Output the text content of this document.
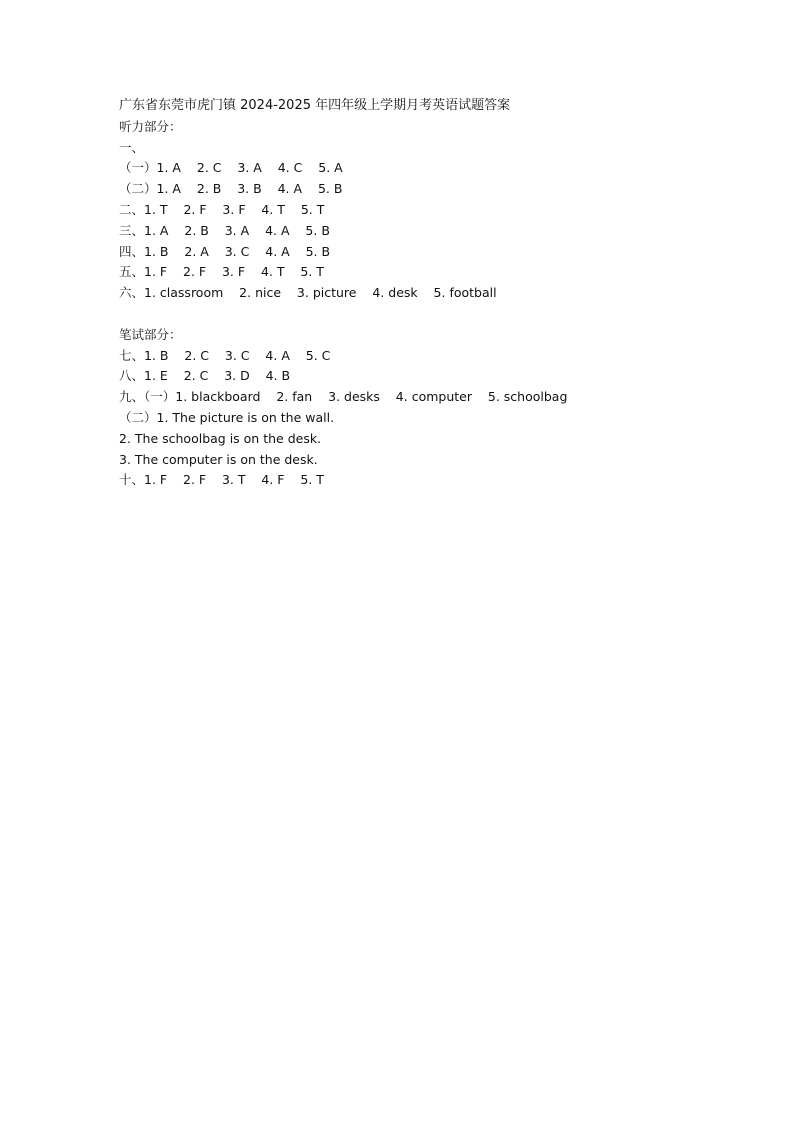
广东省东莞市虎门镇 2024-2025 年四年级上学期月考英语试题答案
听力部分：
一、
（一）1. A    2. C    3. A    4. C    5. A
（二）1. A    2. B    3. B    4. A    5. B
二、1. T    2. F    3. F    4. T    5. T
三、1. A    2. B    3. A    4. A    5. B
四、1. B    2. A    3. C    4. A    5. B
五、1. F    2. F    3. F    4. T    5. T
六、1. classroom    2. nice    3. picture    4. desk    5. football
笔试部分：
七、1. B    2. C    3. C    4. A    5. C
八、1. E    2. C    3. D    4. B
九、（一）1. blackboard    2. fan    3. desks    4. computer    5. schoolbag
（二）1. The picture is on the wall.
2. The schoolbag is on the desk.
3. The computer is on the desk.
十、1. F    2. F    3. T    4. F    5. T
